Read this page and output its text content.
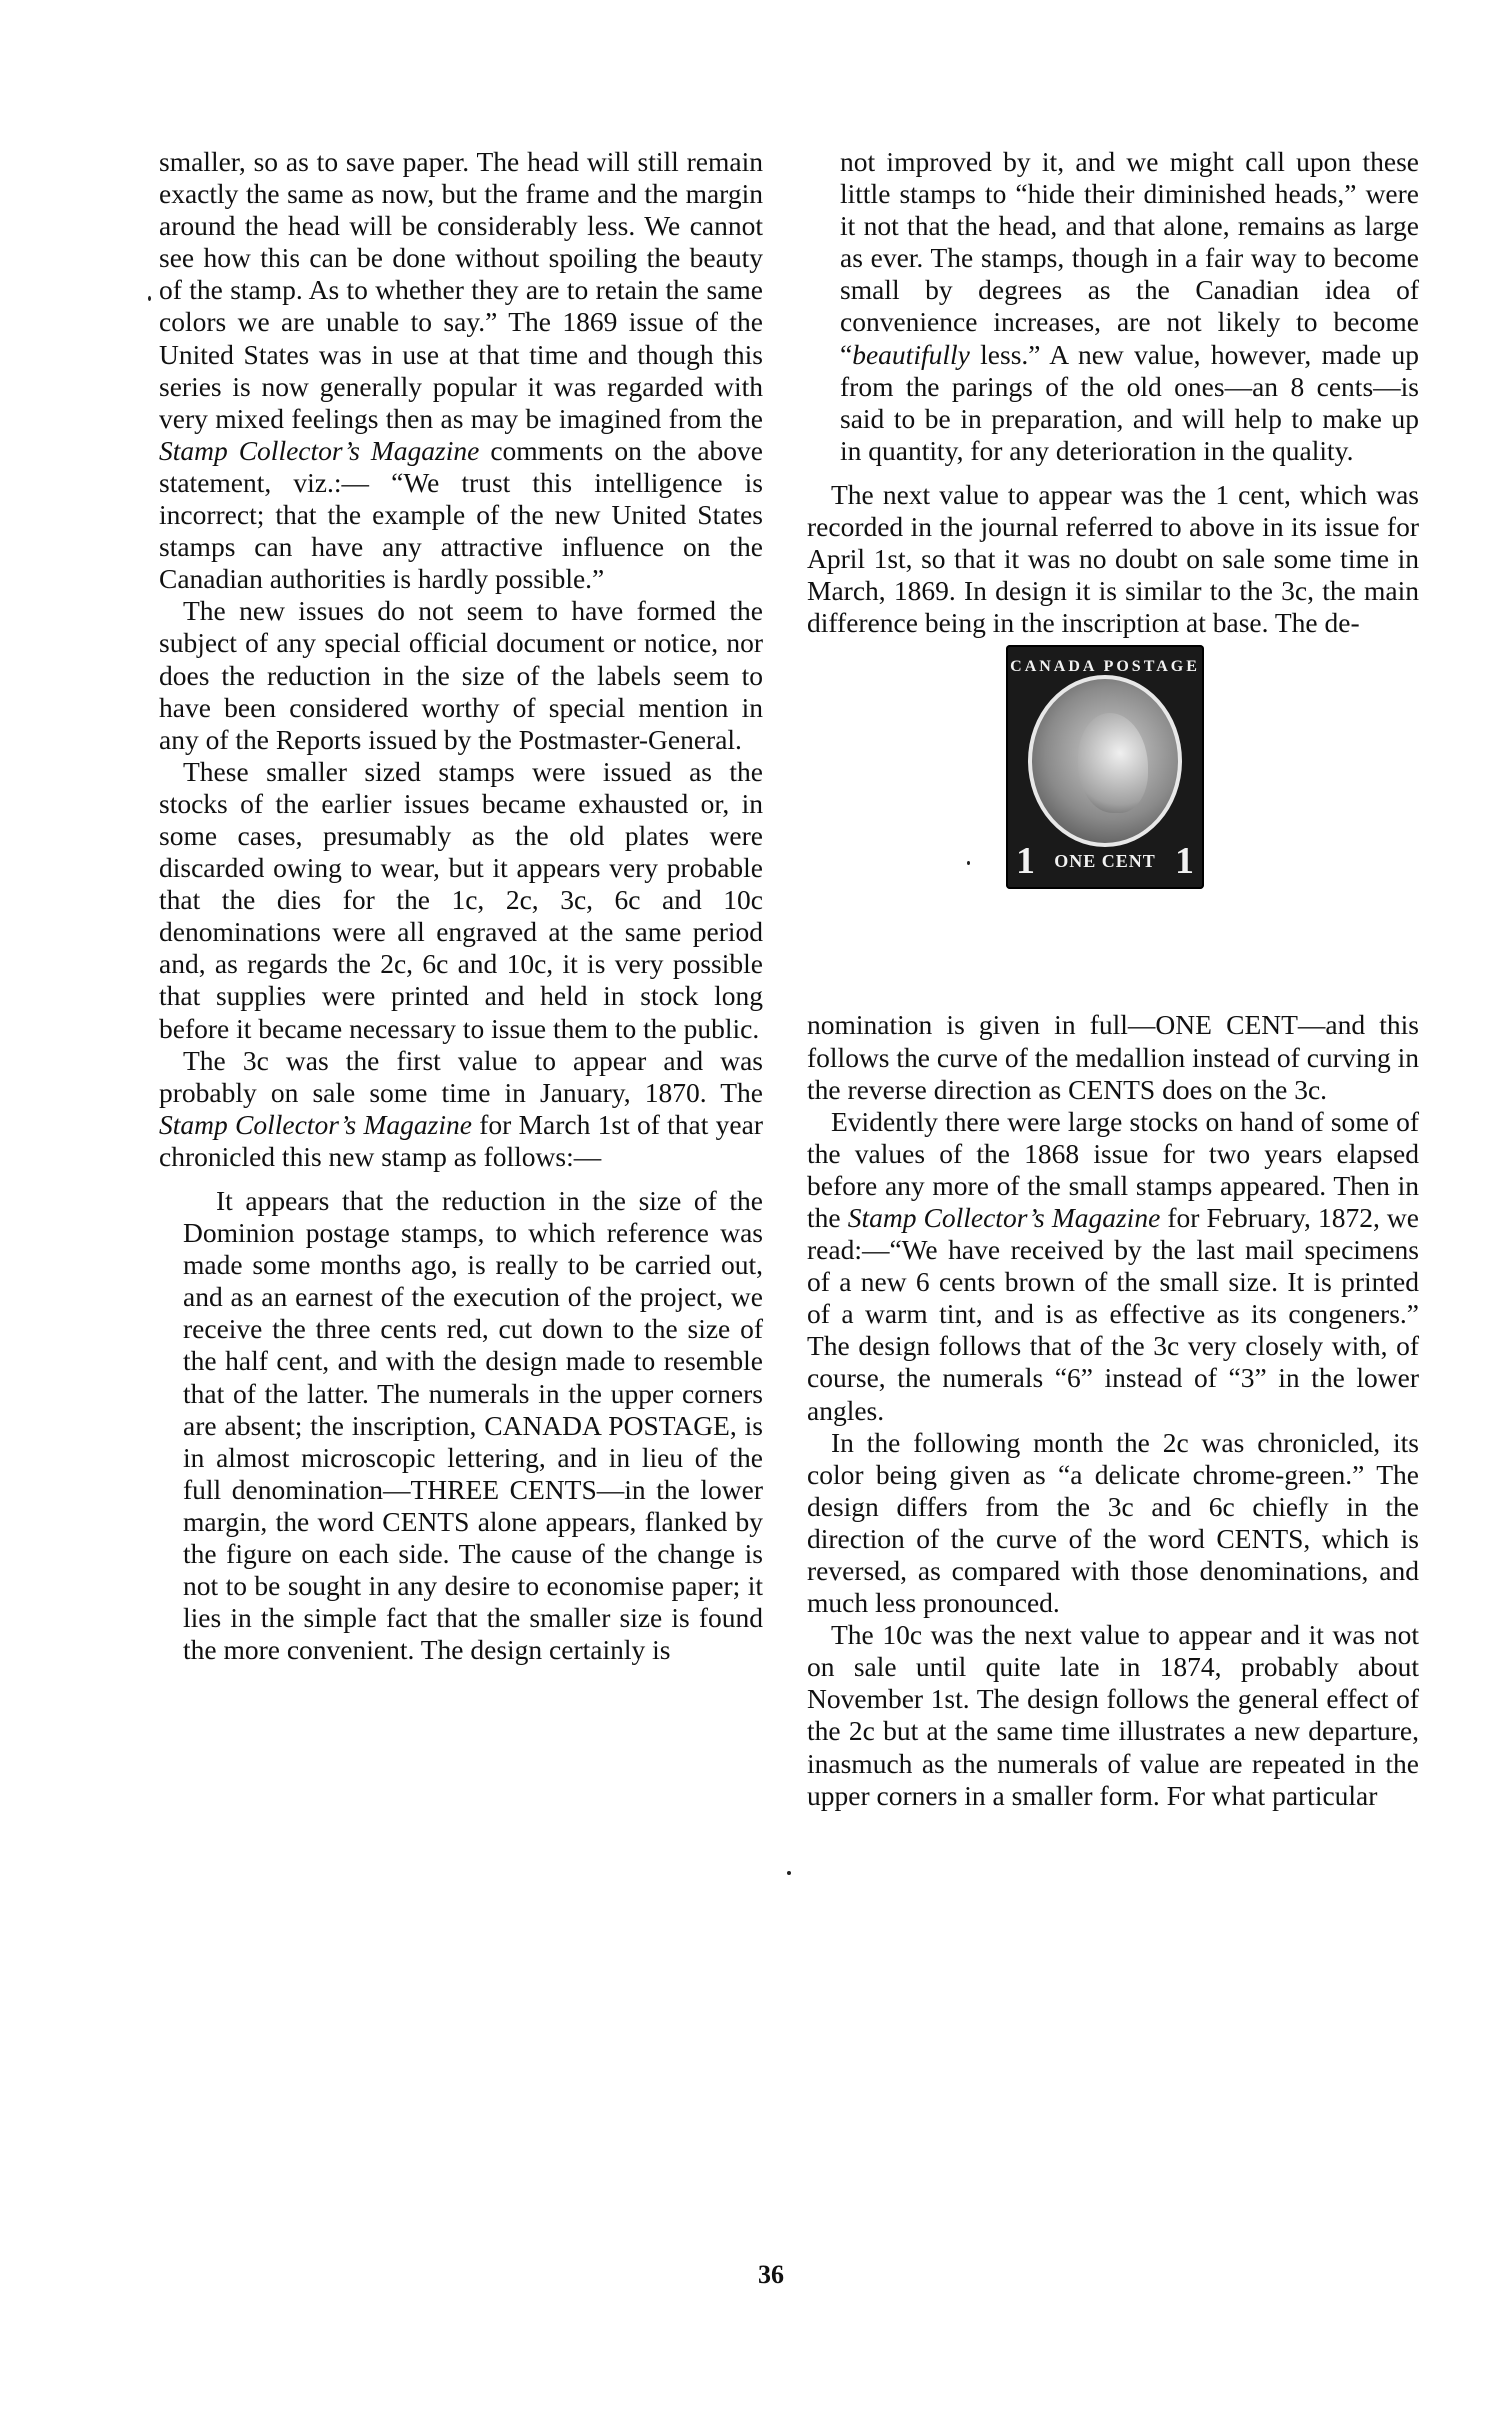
smaller, so as to save paper. The head will still remain exactly the same as now, but the frame and the margin around the head will be considerably less. We cannot see how this can be done without spoiling the beauty of the stamp. As to whether they are to retain the same colors we are unable to say.” The 1869 issue of the United States was in use at that time and though this series is now generally popular it was regarded with very mixed feelings then as may be imagined from the Stamp Collector’s Magazine comments on the above statement, viz.:— “We trust this intelligence is incorrect; that the example of the new United States stamps can have any attractive influence on the Canadian authorities is hardly possible.”

The new issues do not seem to have formed the subject of any special official document or notice, nor does the reduction in the size of the labels seem to have been considered worthy of special mention in any of the Reports issued by the Postmaster-General.

These smaller sized stamps were issued as the stocks of the earlier issues became exhausted or, in some cases, presumably as the old plates were discarded owing to wear, but it appears very probable that the dies for the 1c, 2c, 3c, 6c and 10c denominations were all engraved at the same period and, as regards the 2c, 6c and 10c, it is very possible that supplies were printed and held in stock long before it became necessary to issue them to the public.

The 3c was the first value to appear and was probably on sale some time in January, 1870. The Stamp Collector’s Magazine for March 1st of that year chronicled this new stamp as follows:—

It appears that the reduction in the size of the Dominion postage stamps, to which reference was made some months ago, is really to be carried out, and as an earnest of the execution of the project, we receive the three cents red, cut down to the size of the half cent, and with the design made to resemble that of the latter. The numerals in the upper corners are absent; the inscription, CANADA POSTAGE, is in almost microscopic lettering, and in lieu of the full denomination—THREE CENTS—in the lower margin, the word CENTS alone appears, flanked by the figure on each side. The cause of the change is not to be sought in any desire to economise paper; it lies in the simple fact that the smaller size is found the more convenient. The design certainly is

not improved by it, and we might call upon these little stamps to “hide their diminished heads,” were it not that the head, and that alone, remains as large as ever. The stamps, though in a fair way to become small by degrees as the Canadian idea of convenience increases, are not likely to become “beautifully less.” A new value, however, made up from the parings of the old ones—an 8 cents—is said to be in preparation, and will help to make up in quantity, for any deterioration in the quality.

The next value to appear was the 1 cent, which was recorded in the journal referred to above in its issue for April 1st, so that it was no doubt on sale some time in March, 1869. In design it is similar to the 3c, the main difference being in the inscription at base. The de-

CANADA POSTAGE
1 ONE CENT 1

nomination is given in full—ONE CENT—and this follows the curve of the medallion instead of curving in the reverse direction as CENTS does on the 3c.

Evidently there were large stocks on hand of some of the values of the 1868 issue for two years elapsed before any more of the small stamps appeared. Then in the Stamp Collector’s Magazine for February, 1872, we read:—“We have received by the last mail specimens of a new 6 cents brown of the small size. It is printed of a warm tint, and is as effective as its congeners.” The design follows that of the 3c very closely with, of course, the numerals “6” instead of “3” in the lower angles.

In the following month the 2c was chronicled, its color being given as “a delicate chrome-green.” The design differs from the 3c and 6c chiefly in the direction of the curve of the word CENTS, which is reversed, as compared with those denominations, and much less pronounced.

The 10c was the next value to appear and it was not on sale until quite late in 1874, probably about November 1st. The design follows the general effect of the 2c but at the same time illustrates a new departure, inasmuch as the numerals of value are repeated in the upper corners in a smaller form. For what particular

36
